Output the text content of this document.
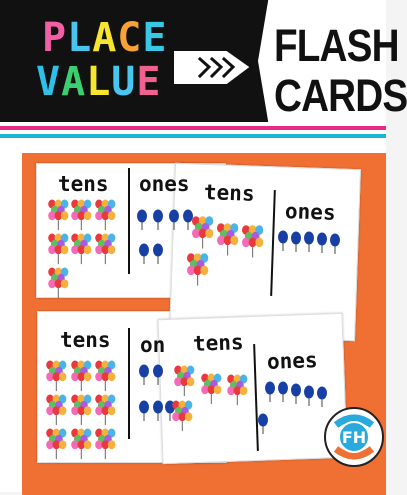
PLACE
VALUE
FLASH
CARDS
tens ones tens
ones
tens on tens
ones
FH
